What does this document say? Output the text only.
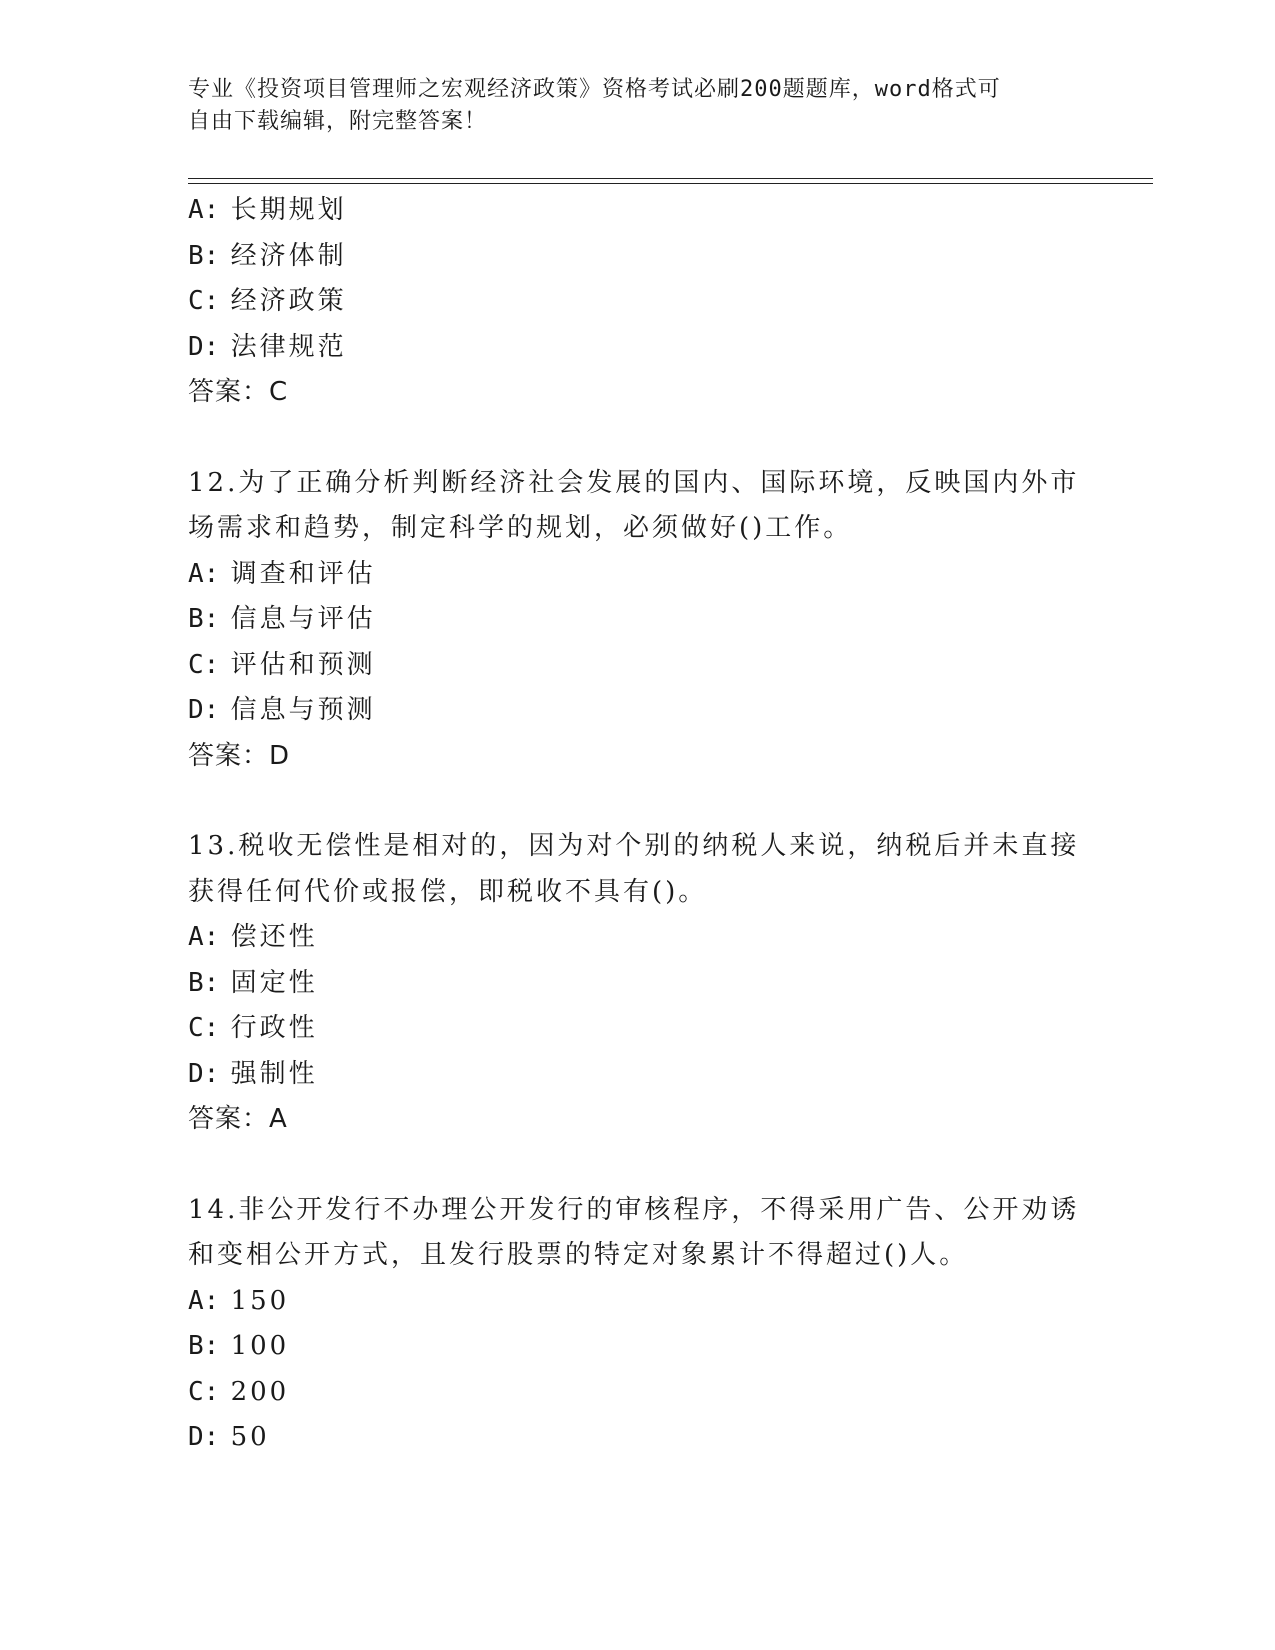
专业《投资项目管理师之宏观经济政策》资格考试必刷200题题库，word格式可
自由下载编辑，附完整答案！
A: 长期规划
B: 经济体制
C: 经济政策
D: 法律规范
答案：C
12.为了正确分析判断经济社会发展的国内、国际环境，反映国内外市
场需求和趋势，制定科学的规划，必须做好()工作。
A: 调查和评估
B: 信息与评估
C: 评估和预测
D: 信息与预测
答案：D
13.税收无偿性是相对的，因为对个别的纳税人来说，纳税后并未直接
获得任何代价或报偿，即税收不具有()。
A: 偿还性
B: 固定性
C: 行政性
D: 强制性
答案：A
14.非公开发行不办理公开发行的审核程序，不得采用广告、公开劝诱
和变相公开方式，且发行股票的特定对象累计不得超过()人。
A: 150
B: 100
C: 200
D: 50
